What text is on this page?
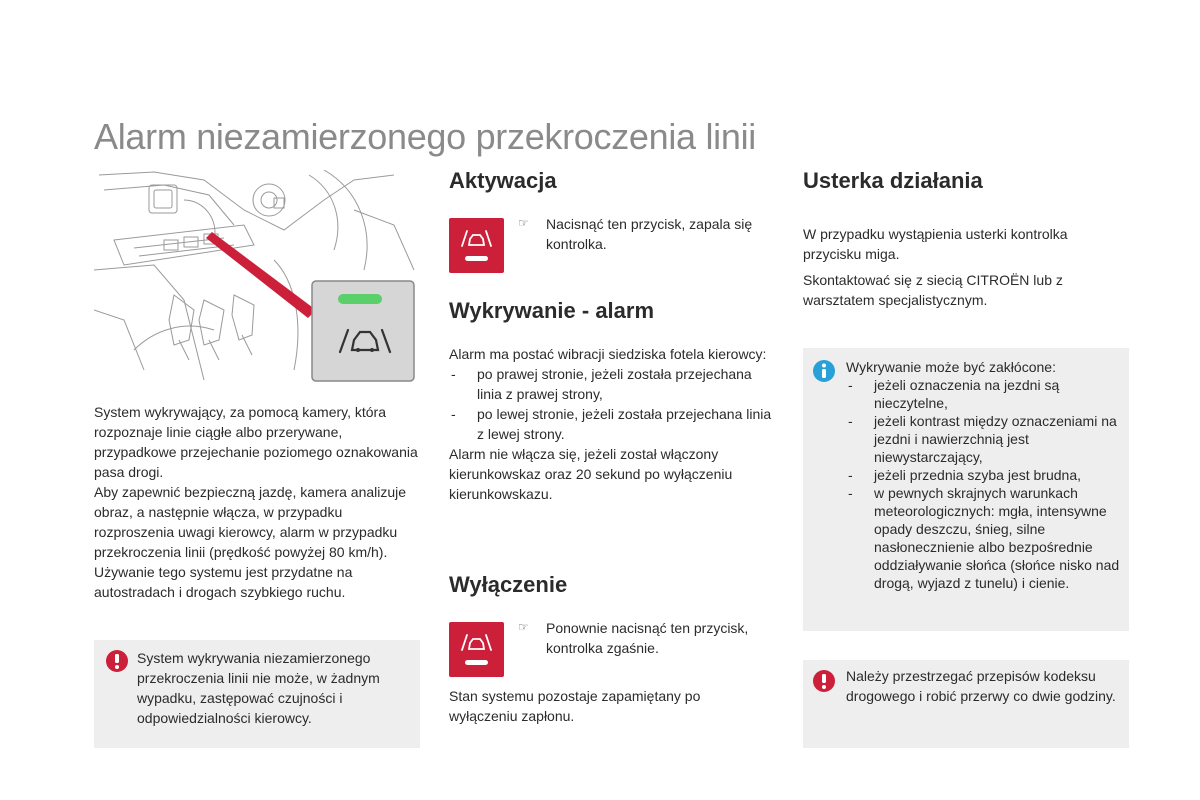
Alarm niezamierzonego przekroczenia linii

System wykrywający, za pomocą kamery, która rozpoznaje linie ciągłe albo przerywane, przypadkowe przejechanie poziomego oznakowania pasa drogi.

Aby zapewnić bezpieczną jazdę, kamera analizuje obraz, a następnie włącza, w przypadku rozproszenia uwagi kierowcy, alarm w przypadku przekroczenia linii (prędkość powyżej 80 km/h).

Używanie tego systemu jest przydatne na autostradach i drogach szybkiego ruchu.

System wykrywania niezamierzonego przekroczenia linii nie może, w żadnym wypadku, zastępować czujności i odpowiedzialności kierowcy.

Aktywacja
☞ Nacisnąć ten przycisk, zapala się kontrolka.

Wykrywanie - alarm

Alarm ma postać wibracji siedziska fotela kierowcy:

- po prawej stronie, jeżeli została przejechana linia z prawej strony,
- po lewej stronie, jeżeli została przejechana linia z lewej strony.

Alarm nie włącza się, jeżeli został włączony kierunkowskaz oraz 20 sekund po wyłączeniu kierunkowskazu.

Wyłączenie
☞ Ponownie nacisnąć ten przycisk, kontrolka zgaśnie.

Stan systemu pozostaje zapamiętany po wyłączeniu zapłonu.

Usterka działania

W przypadku wystąpienia usterki kontrolka przycisku miga.

Skontaktować się z siecią CITROËN lub z warsztatem specjalistycznym.

Wykrywanie może być zakłócone:

- jeżeli oznaczenia na jezdni są nieczytelne,
- jeżeli kontrast między oznaczeniami na jezdni i nawierzchnią jest niewystarczający,
- jeżeli przednia szyba jest brudna,
- w pewnych skrajnych warunkach meteorologicznych: mgła, intensywne opady deszczu, śnieg, silne nasłonecznienie albo bezpośrednie oddziaływanie słońca (słońce nisko nad drogą, wyjazd z tunelu) i cienie.

Należy przestrzegać przepisów kodeksu drogowego i robić przerwy co dwie godziny.
